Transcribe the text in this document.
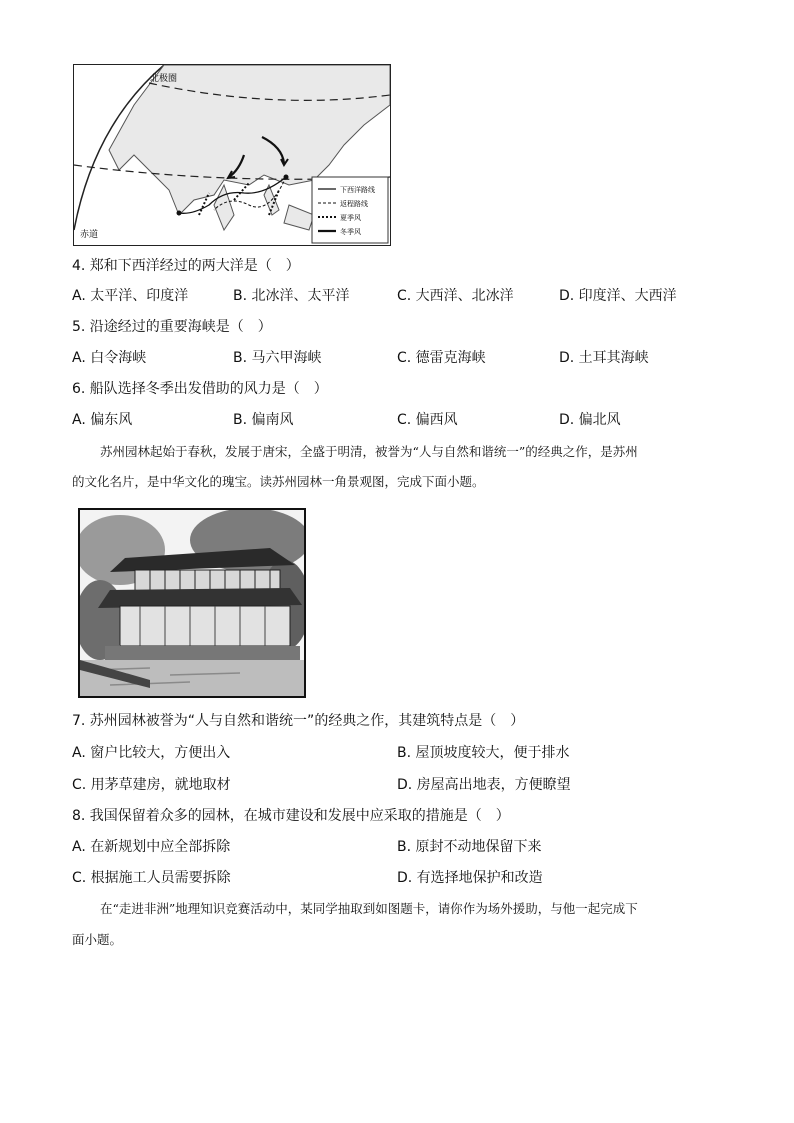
下西洋路线
返程路线
夏季风
冬季风
北极圈
赤道
4. 郑和下西洋经过的两大洋是（　）
A. 太平洋、印度洋	B. 北冰洋、太平洋	C. 大西洋、北冰洋	D. 印度洋、大西洋
5. 沿途经过的重要海峡是（　）
A. 白令海峡	B. 马六甲海峡	C. 德雷克海峡	D. 土耳其海峡
6. 船队选择冬季出发借助的风力是（　）
A. 偏东风	B. 偏南风	C. 偏西风	D. 偏北风
苏州园林起始于春秋，发展于唐宋，全盛于明清，被誉为“人与自然和谐统一”的经典之作，是苏州
的文化名片，是中华文化的瑰宝。读苏州园林一角景观图，完成下面小题。
7. 苏州园林被誉为“人与自然和谐统一”的经典之作，其建筑特点是（　）
A. 窗户比较大，方便出入	B. 屋顶坡度较大，便于排水
C. 用茅草建房，就地取材	D. 房屋高出地表，方便瞭望
8. 我国保留着众多的园林，在城市建设和发展中应采取的措施是（　）
A. 在新规划中应全部拆除	B. 原封不动地保留下来
C. 根据施工人员需要拆除	D. 有选择地保护和改造
在“走进非洲”地理知识竞赛活动中，某同学抽取到如图题卡，请你作为场外援助，与他一起完成下
面小题。
